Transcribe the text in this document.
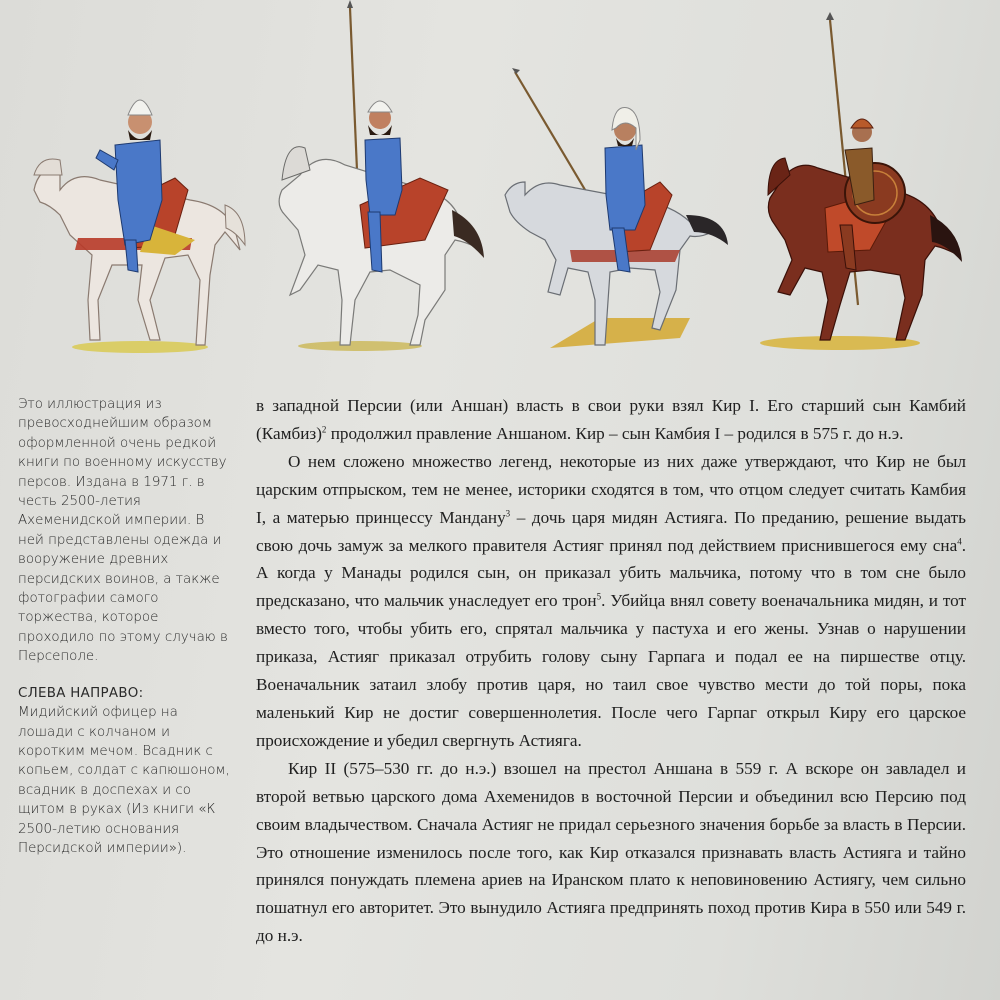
Это иллюстрация из превосходнейшим образом оформленной очень редкой книги по военному искусству персов. Издана в 1971 г. в честь 2500-летия Ахеменидской империи. В ней представлены одежда и вооружение древних персидских воинов, а также фотографии самого торжества, которое проходило по этому случаю в Персеполе.

СЛЕВА НАПРАВО:

Мидийский офицер на лошади с колчаном и коротким мечом. Всадник с копьем, солдат с капюшоном, всадник в доспехах и со щитом в руках (Из книги «К 2500-летию основания Персидской империи»).

в западной Персии (или Аншан) власть в свои руки взял Кир I. Его старший сын Камбий (Камбиз)$^2$ продолжил правление Аншаном. Кир – сын Камбия I – родился в 575 г. до н.э.

О нем сложено множество легенд, некоторые из них даже утверждают, что Кир не был царским отпрыском, тем не менее, историки сходятся в том, что отцом следует считать Камбия I, а матерью принцессу Мандану$^3$ – дочь царя мидян Астияга. По преданию, решение выдать свою дочь замуж за мелкого правителя Астияг принял под действием приснившегося ему сна$^4$. А когда у Манады родился сын, он приказал убить мальчика, потому что в том сне было предсказано, что мальчик унаследует его трон$^5$. Убийца внял совету военачальника мидян, и тот вместо того, чтобы убить его, спрятал мальчика у пастуха и его жены. Узнав о нарушении приказа, Астияг приказал отрубить голову сыну Гарпага и подал ее на пиршестве отцу. Военачальник затаил злобу против царя, но таил свое чувство мести до той поры, пока маленький Кир не достиг совершеннолетия. После чего Гарпаг открыл Киру его царское происхождение и убедил свергнуть Астияга.

Кир II (575–530 гг. до н.э.) взошел на престол Аншана в 559 г. А вскоре он завладел и второй ветвью царского дома Ахеменидов в восточной Персии и объединил всю Персию под своим владычеством. Сначала Астияг не придал серьезного значения борьбе за власть в Персии. Это отношение изменилось после того, как Кир отказался признавать власть Астияга и тайно принялся понуждать племена ариев на Иранском плато к неповиновению Астиягу, чем сильно пошатнул его авторитет. Это вынудило Астияга предпринять поход против Кира в 550 или 549 г. до н.э.
